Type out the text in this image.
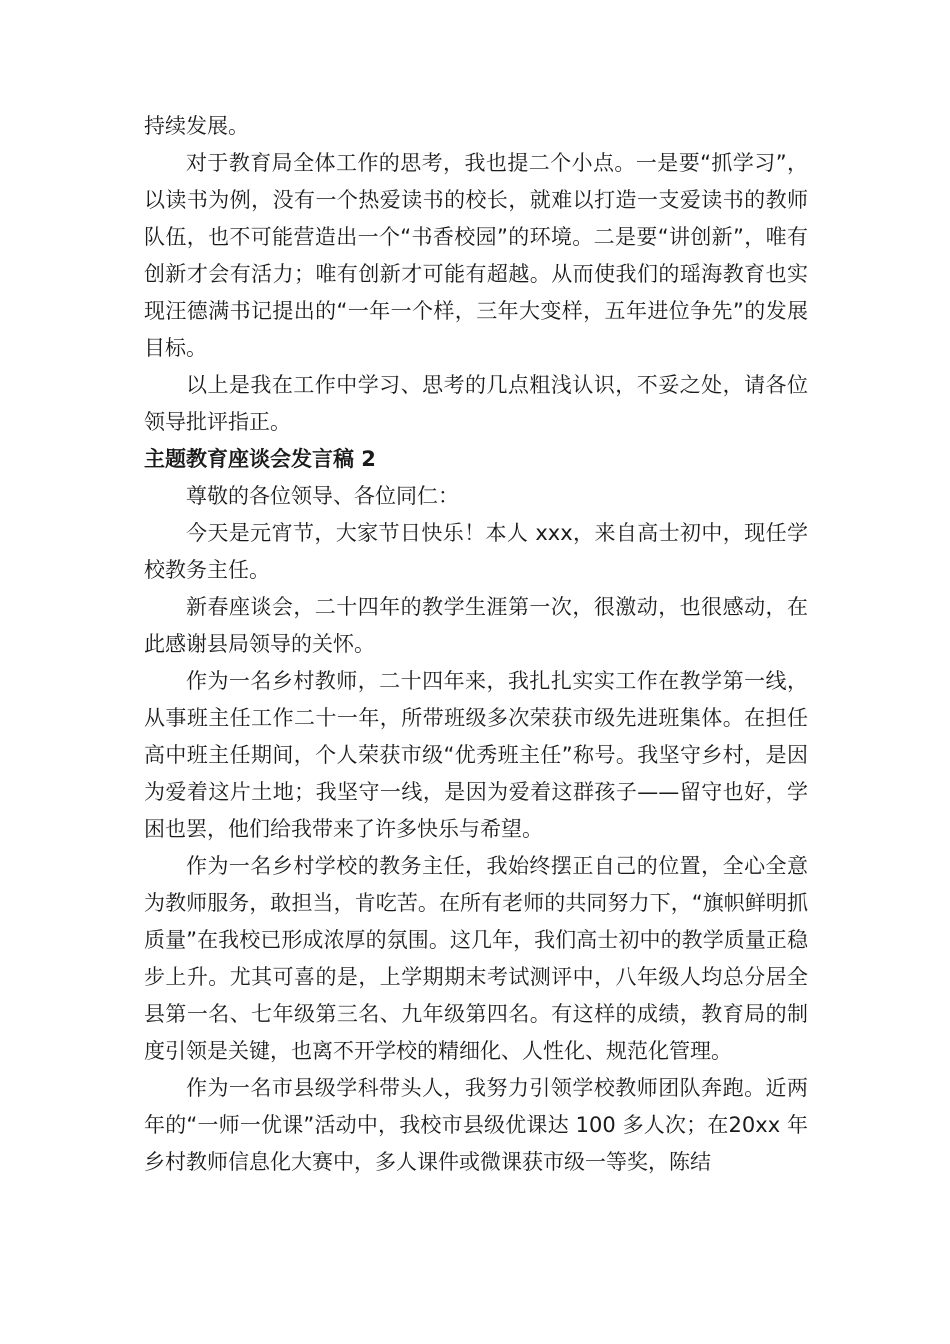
持续发展。

对于教育局全体工作的思考，我也提二个小点。一是要“抓学习”，以读书为例，没有一个热爱读书的校长，就难以打造一支爱读书的教师队伍，也不可能营造出一个“书香校园”的环境。二是要“讲创新”，唯有创新才会有活力；唯有创新才可能有超越。从而使我们的瑶海教育也实现汪德满书记提出的“一年一个样，三年大变样，五年进位争先”的发展目标。

以上是我在工作中学习、思考的几点粗浅认识，不妥之处，请各位领导批评指正。

主题教育座谈会发言稿 2

尊敬的各位领导、各位同仁：

今天是元宵节，大家节日快乐！本人 xxx，来自高士初中，现任学校教务主任。

新春座谈会，二十四年的教学生涯第一次，很激动，也很感动，在此感谢县局领导的关怀。

作为一名乡村教师，二十四年来，我扎扎实实工作在教学第一线，从事班主任工作二十一年，所带班级多次荣获市级先进班集体。在担任高中班主任期间，个人荣获市级“优秀班主任”称号。我坚守乡村，是因为爱着这片土地；我坚守一线，是因为爱着这群孩子——留守也好，学困也罢，他们给我带来了许多快乐与希望。

作为一名乡村学校的教务主任，我始终摆正自己的位置，全心全意为教师服务，敢担当，肯吃苦。在所有老师的共同努力下，“旗帜鲜明抓质量”在我校已形成浓厚的氛围。这几年，我们高士初中的教学质量正稳步上升。尤其可喜的是，上学期期末考试测评中，八年级人均总分居全县第一名、七年级第三名、九年级第四名。有这样的成绩，教育局的制度引领是关键，也离不开学校的精细化、人性化、规范化管理。

作为一名市县级学科带头人，我努力引领学校教师团队奔跑。近两年的“一师一优课”活动中，我校市县级优课达 100 多人次；在20xx 年乡村教师信息化大赛中，多人课件或微课获市级一等奖，陈结
